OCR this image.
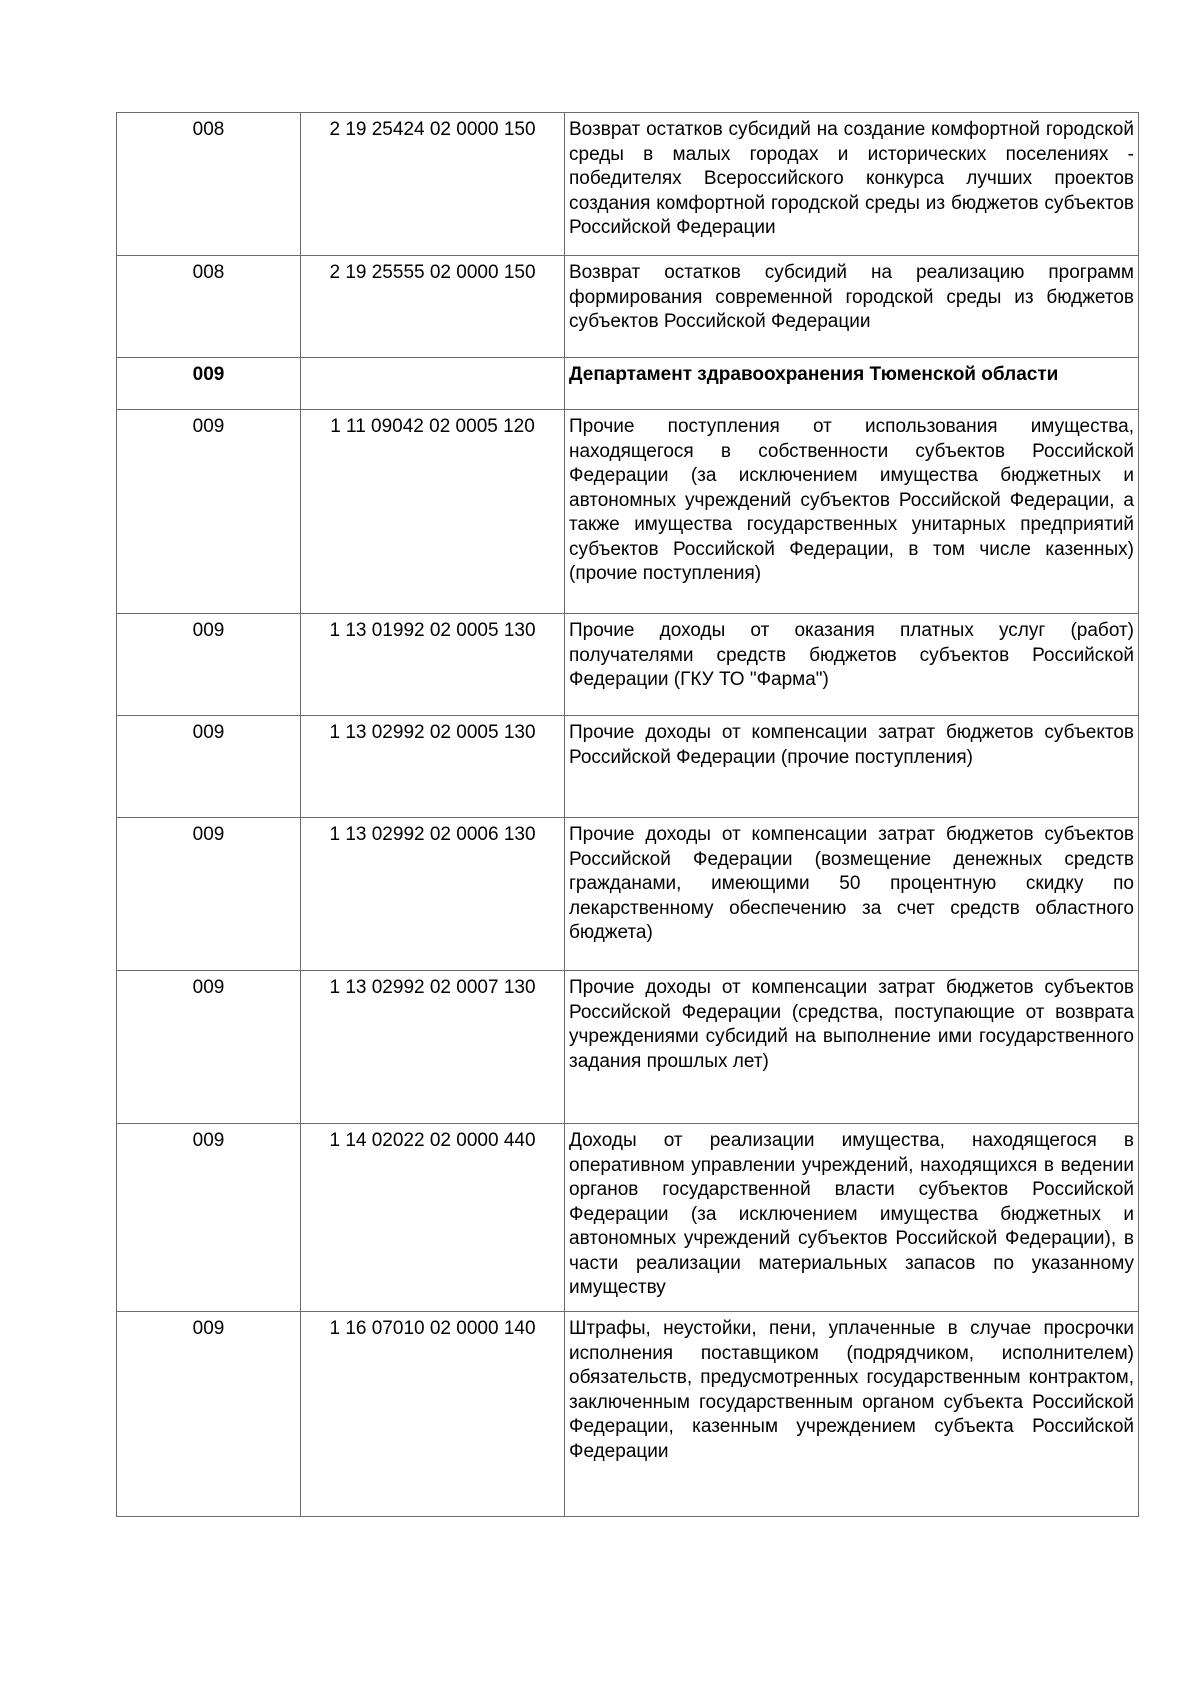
008	2 19 25424 02 0000 150	Возврат остатков субсидий на создание комфортной городской среды в малых городах и исторических поселениях - победителях Всероссийского конкурса лучших проектов создания комфортной городской среды из бюджетов субъектов Российской Федерации
008	2 19 25555 02 0000 150	Возврат остатков субсидий на реализацию программ формирования современной городской среды из бюджетов субъектов Российской Федерации
009		Департамент здравоохранения Тюменской области
009	1 11 09042 02 0005 120	Прочие поступления от использования имущества, находящегося в собственности субъектов Российской Федерации (за исключением имущества бюджетных и автономных учреждений субъектов Российской Федерации, а также имущества государственных унитарных предприятий субъектов Российской Федерации, в том числе казенных) (прочие поступления)
009	1 13 01992 02 0005 130	Прочие доходы от оказания платных услуг (работ) получателями средств бюджетов субъектов Российской Федерации (ГКУ ТО "Фарма")
009	1 13 02992 02 0005 130	Прочие доходы от компенсации затрат бюджетов субъектов Российской Федерации (прочие поступления)
009	1 13 02992 02 0006 130	Прочие доходы от компенсации затрат бюджетов субъектов Российской Федерации (возмещение денежных средств гражданами, имеющими 50 процентную скидку по лекарственному обеспечению за счет средств областного бюджета)
009	1 13 02992 02 0007 130	Прочие доходы от компенсации затрат бюджетов субъектов Российской Федерации (средства, поступающие от возврата учреждениями субсидий на выполнение ими государственного задания прошлых лет)
009	1 14 02022 02 0000 440	Доходы от реализации имущества, находящегося в оперативном управлении учреждений, находящихся в ведении органов государственной власти субъектов Российской Федерации (за исключением имущества бюджетных и автономных учреждений субъектов Российской Федерации), в части реализации материальных запасов по указанному имуществу
009	1 16 07010 02 0000 140	Штрафы, неустойки, пени, уплаченные в случае просрочки исполнения поставщиком (подрядчиком, исполнителем) обязательств, предусмотренных государственным контрактом, заключенным государственным органом субъекта Российской Федерации, казенным учреждением субъекта Российской Федерации
